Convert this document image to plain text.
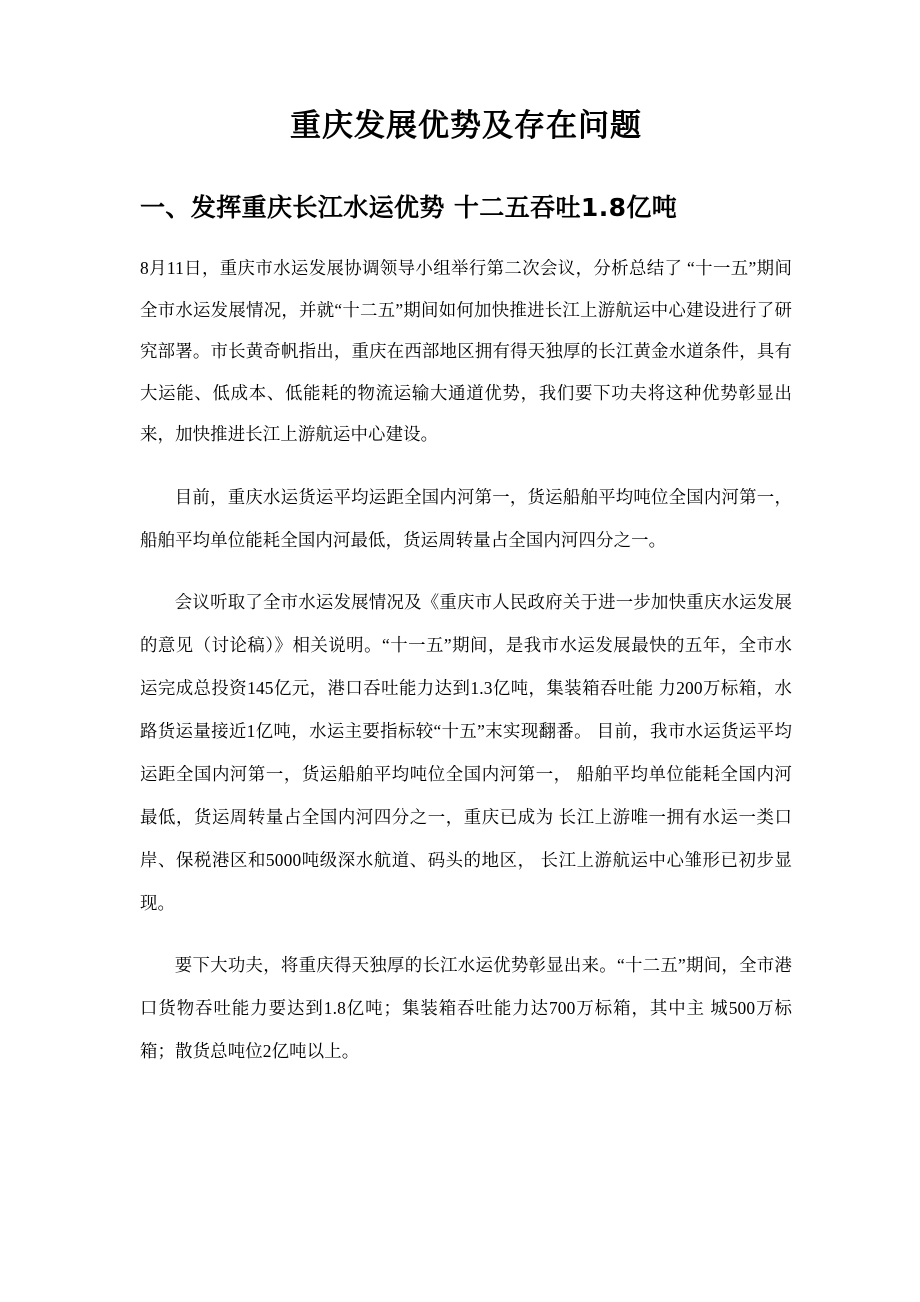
重庆发展优势及存在问题
一、发挥重庆长江水运优势 十二五吞吐1.8亿吨

8月11日，重庆市水运发展协调领导小组举行第二次会议，分析总结了 “十一五”期间全市水运发展情况，并就“十二五”期间如何加快推进长江上游航运中心建设进行了研究部署。市长黄奇帆指出，重庆在西部地区拥有得天独厚的长江黄金水道条件，具有大运能、低成本、低能耗的物流运输大通道优势，我们要下功夫将这种优势彰显出来，加快推进长江上游航运中心建设。

目前，重庆水运货运平均运距全国内河第一，货运船舶平均吨位全国内河第一，船舶平均单位能耗全国内河最低，货运周转量占全国内河四分之一。

会议听取了全市水运发展情况及《重庆市人民政府关于进一步加快重庆水运发展的意见（讨论稿）》相关说明。“十一五”期间，是我市水运发展最快的五年，全市水运完成总投资145亿元，港口吞吐能力达到1.3亿吨，集装箱吞吐能 力200万标箱，水路货运量接近1亿吨，水运主要指标较“十五”末实现翻番。 目前，我市水运货运平均运距全国内河第一，货运船舶平均吨位全国内河第一， 船舶平均单位能耗全国内河最低，货运周转量占全国内河四分之一，重庆已成为 长江上游唯一拥有水运一类口岸、保税港区和5000吨级深水航道、码头的地区， 长江上游航运中心雏形已初步显现。

要下大功夫，将重庆得天独厚的长江水运优势彰显出来。“十二五”期间，全市港口货物吞吐能力要达到1.8亿吨；集装箱吞吐能力达700万标箱，其中主 城500万标箱；散货总吨位2亿吨以上。
